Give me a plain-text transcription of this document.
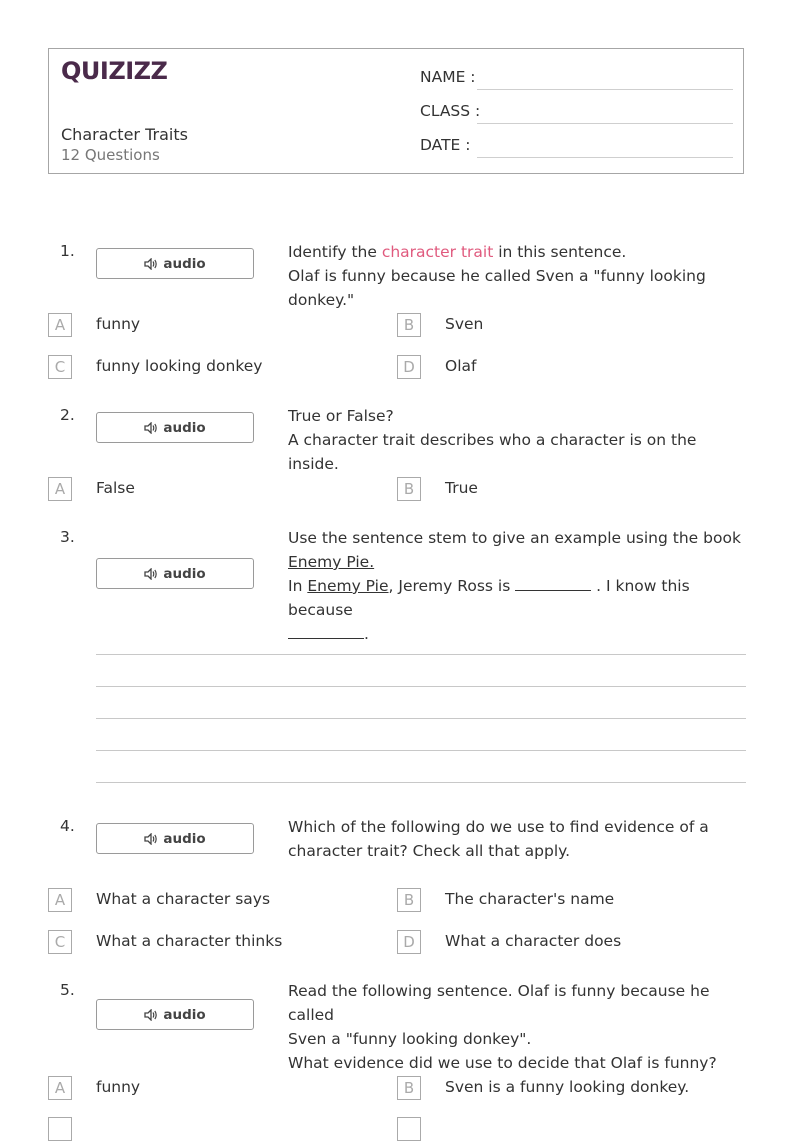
QUIZIZZ
Character Traits
12 Questions
NAME :
CLASS :
DATE :
1.
audio
Identify the character trait in this sentence.
Olaf is funny because he called Sven a "funny looking donkey."
A	funny	B	Sven
C	funny looking donkey	D	Olaf
2.
audio
True or False?
A character trait describes who a character is on the inside.
A	False	B	True
3.
audio
Use the sentence stem to give an example using the book
Enemy Pie.
In Enemy Pie, Jeremy Ross is	. I know this because
.
4.
audio
Which of the following do we use to find evidence of a
character trait? Check all that apply.
A	What a character says	B	The character's name
C	What a character thinks	D	What a character does
5.
audio
Read the following sentence. Olaf is funny because he called
Sven a "funny looking donkey".
What evidence did we use to decide that Olaf is funny?
A	funny	B	Sven is a funny looking donkey.
